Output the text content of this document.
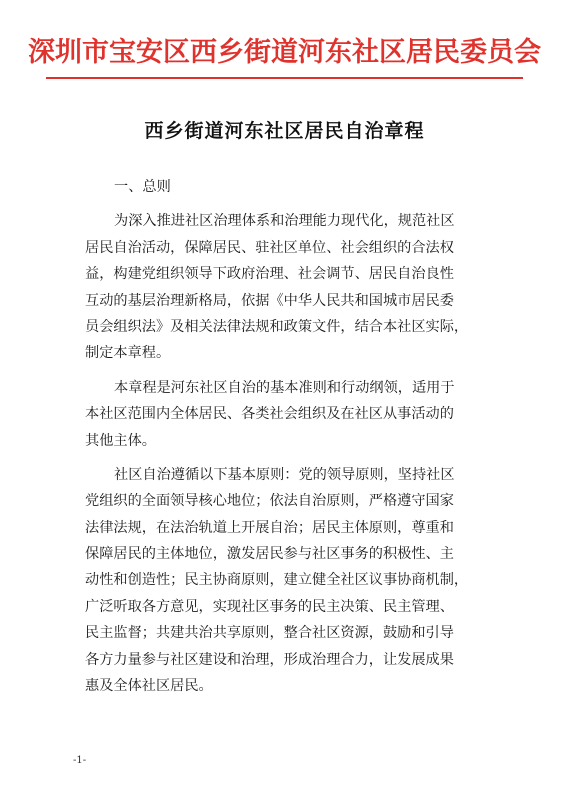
深圳市宝安区西乡街道河东社区居民委员会
西乡街道河东社区居民自治章程
一、总则
为深入推进社区治理体系和治理能力现代化，规范社区
居民自治活动，保障居民、驻社区单位、社会组织的合法权
益，构建党组织领导下政府治理、社会调节、居民自治良性
互动的基层治理新格局，依据《中华人民共和国城市居民委
员会组织法》及相关法律法规和政策文件，结合本社区实际，
制定本章程。
本章程是河东社区自治的基本准则和行动纲领，适用于
本社区范围内全体居民、各类社会组织及在社区从事活动的
其他主体。
社区自治遵循以下基本原则：党的领导原则，坚持社区
党组织的全面领导核心地位；依法自治原则，严格遵守国家
法律法规，在法治轨道上开展自治；居民主体原则，尊重和
保障居民的主体地位，激发居民参与社区事务的积极性、主
动性和创造性；民主协商原则，建立健全社区议事协商机制，
广泛听取各方意见，实现社区事务的民主决策、民主管理、
民主监督；共建共治共享原则，整合社区资源，鼓励和引导
各方力量参与社区建设和治理，形成治理合力，让发展成果
惠及全体社区居民。
-1-
